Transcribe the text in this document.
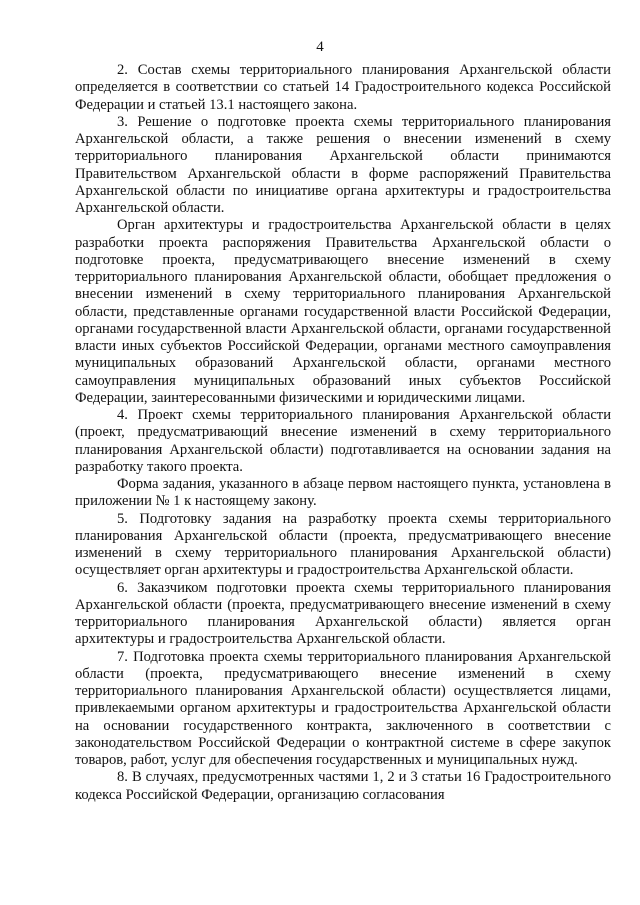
4

2. Состав схемы территориального планирования Архангельской области определяется в соответствии со статьей 14 Градостроительного кодекса Российской Федерации и статьей 13.1 настоящего закона.

3. Решение о подготовке проекта схемы территориального планирования Архангельской области, а также решения о внесении изменений в схему территориального планирования Архангельской области принимаются Правительством Архангельской области в форме распоряжений Правительства Архангельской области по инициативе органа архитектуры и градостроительства Архангельской области.

Орган архитектуры и градостроительства Архангельской области в целях разработки проекта распоряжения Правительства Архангельской области о подготовке проекта, предусматривающего внесение изменений в схему территориального планирования Архангельской области, обобщает предложения о внесении изменений в схему территориального планирования Архангельской области, представленные органами государственной власти Российской Федерации, органами государственной власти Архангельской области, органами государственной власти иных субъектов Российской Федерации, органами местного самоуправления муниципальных образований Архангельской области, органами местного самоуправления муниципальных образований иных субъектов Российской Федерации, заинтересованными физическими и юридическими лицами.

4. Проект схемы территориального планирования Архангельской области (проект, предусматривающий внесение изменений в схему территориального планирования Архангельской области) подготавливается на основании задания на разработку такого проекта.

Форма задания, указанного в абзаце первом настоящего пункта, установлена в приложении № 1 к настоящему закону.

5. Подготовку задания на разработку проекта схемы территориального планирования Архангельской области (проекта, предусматривающего внесение изменений в схему территориального планирования Архангельской области) осуществляет орган архитектуры и градостроительства Архангельской области.

6. Заказчиком подготовки проекта схемы территориального планирования Архангельской области (проекта, предусматривающего внесение изменений в схему территориального планирования Архангельской области) является орган архитектуры и градостроительства Архангельской области.

7. Подготовка проекта схемы территориального планирования Архангельской области (проекта, предусматривающего внесение изменений в схему территориального планирования Архангельской области) осуществляется лицами, привлекаемыми органом архитектуры и градостроительства Архангельской области на основании государственного контракта, заключенного в соответствии с законодательством Российской Федерации о контрактной системе в сфере закупок товаров, работ, услуг для обеспечения государственных и муниципальных нужд.

8. В случаях, предусмотренных частями 1, 2 и 3 статьи 16 Градостроительного кодекса Российской Федерации, организацию согласования
